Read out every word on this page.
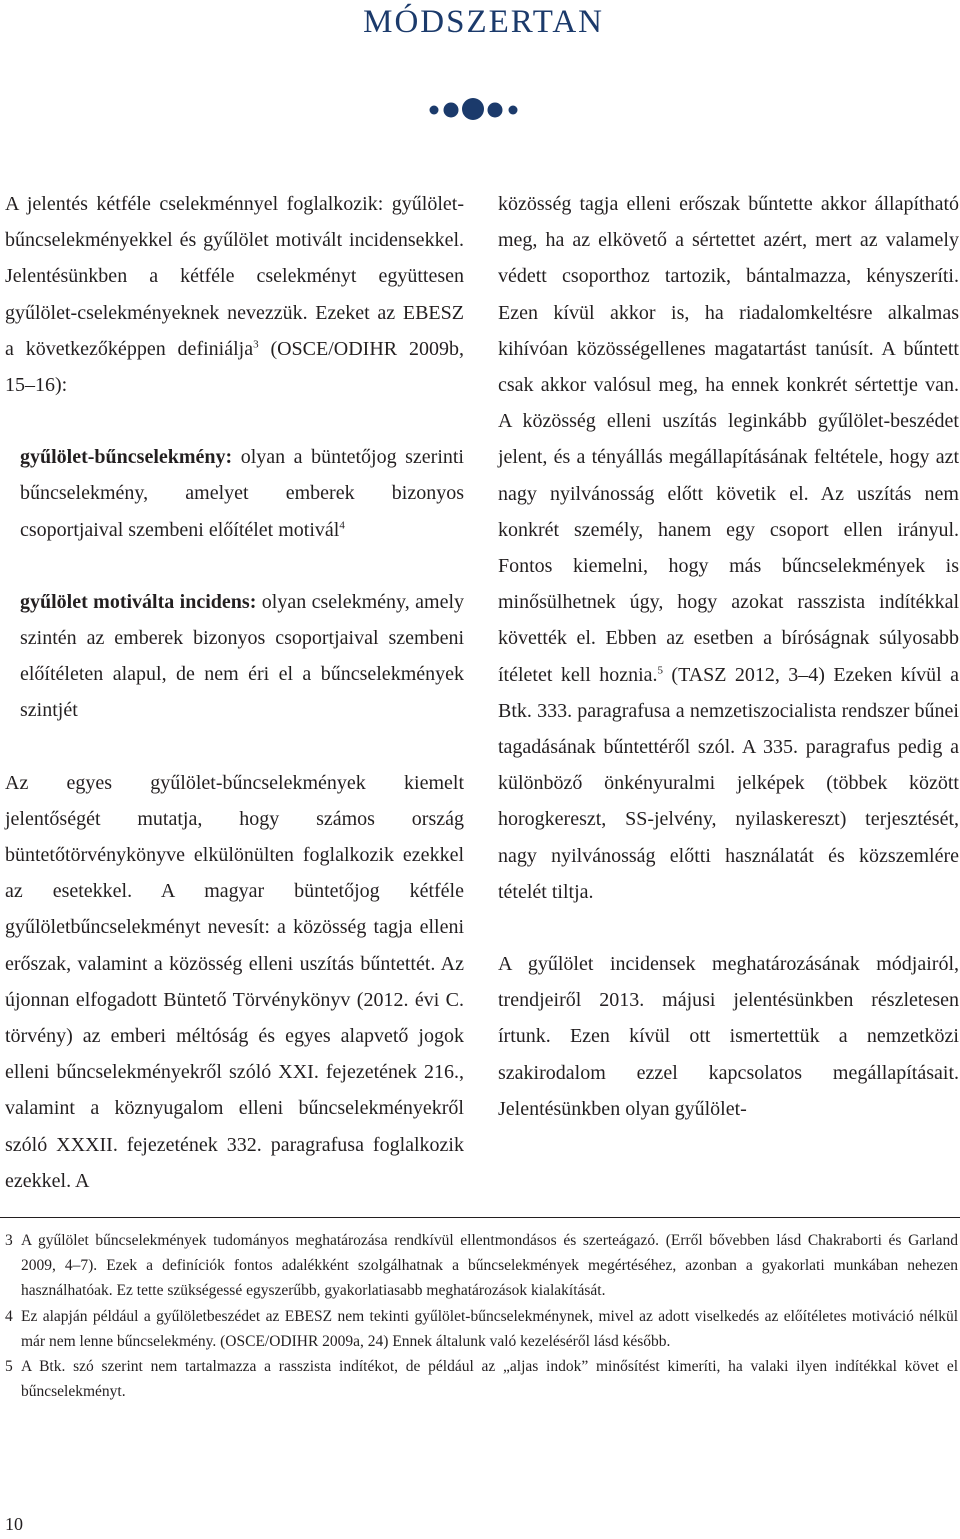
MÓDSZERTAN

A jelentés kétféle cselekménnyel foglalkozik: gyűlölet-bűncselekményekkel és gyűlölet motivált incidensekkel. Jelentésünkben a kétféle cselekményt együttesen gyűlölet-cselekményeknek nevezzük. Ezeket az EBESZ a következőképpen definiálja$^3$ (OSCE/ODIHR 2009b, 15–16):

gyűlölet-bűncselekmény: olyan a büntetőjog szerinti bűncselekmény, amelyet emberek bizonyos csoportjaival szembeni előítélet motivál$^4$

gyűlölet motiválta incidens: olyan cselekmény, amely szintén az emberek bizonyos csoportjaival szembeni előítéleten alapul, de nem éri el a bűncselekmények szintjét

Az egyes gyűlölet-bűncselekmények kiemelt jelentőségét mutatja, hogy számos ország büntetőtörvénykönyve elkülönülten foglalkozik ezekkel az esetekkel. A magyar büntetőjog kétféle gyűlöletbűncselekményt nevesít: a közösség tagja elleni erőszak, valamint a közösség elleni uszítás bűntettét. Az újonnan elfogadott Büntető Törvénykönyv (2012. évi C. törvény) az emberi méltóság és egyes alapvető jogok elleni bűncselekményekről szóló XXI. fejezetének 216., valamint a köznyugalom elleni bűncselekményekről szóló XXXII. fejezetének 332. paragrafusa foglalkozik ezekkel. A

közösség tagja elleni erőszak bűntette akkor állapítható meg, ha az elkövető a sértettet azért, mert az valamely védett csoporthoz tartozik, bántalmazza, kényszeríti. Ezen kívül akkor is, ha riadalomkeltésre alkalmas kihívóan közösségellenes magatartást tanúsít. A bűntett csak akkor valósul meg, ha ennek konkrét sértettje van. A közösség elleni uszítás leginkább gyűlölet-beszédet jelent, és a tényállás megállapításának feltétele, hogy azt nagy nyilvánosság előtt követik el. Az uszítás nem konkrét személy, hanem egy csoport ellen irányul. Fontos kiemelni, hogy más bűncselekmények is minősülhetnek úgy, hogy azokat rasszista indítékkal követték el. Ebben az esetben a bíróságnak súlyosabb ítéletet kell hoznia.$^5$ (TASZ 2012, 3–4) Ezeken kívül a Btk. 333. paragrafusa a nemzetiszocialista rendszer bűnei tagadásának bűntettéről szól. A 335. paragrafus pedig a különböző önkényuralmi jelképek (többek között horogkereszt, SS-jelvény, nyilaskereszt) terjesztését, nagy nyilvánosság előtti használatát és közszemlére tételét tiltja.

A gyűlölet incidensek meghatározásának módjairól, trendjeiről 2013. májusi jelentésünkben részletesen írtunk. Ezen kívül ott ismertettük a nemzetközi szakirodalom ezzel kapcsolatos megállapításait. Jelentésünkben olyan gyűlölet-

3 A gyűlölet bűncselekmények tudományos meghatározása rendkívül ellentmondásos és szerteágazó. (Erről bővebben lásd Chakraborti és Garland 2009, 4–7). Ezek a definíciók fontos adalékként szolgálhatnak a bűncselekmények megértéséhez, azonban a gyakorlati munkában nehezen használhatóak. Ez tette szükségessé egyszerűbb, gyakorlatiasabb meghatározások kialakítását.
4 Ez alapján például a gyűlöletbeszédet az EBESZ nem tekinti gyűlölet-bűncselekménynek, mivel az adott viselkedés az előítéletes motiváció nélkül már nem lenne bűncselekmény. (OSCE/ODIHR 2009a, 24) Ennek általunk való kezeléséről lásd később.
5 A Btk. szó szerint nem tartalmazza a rasszista indítékot, de például az „aljas indok” minősítést kimeríti, ha valaki ilyen indítékkal követ el bűncselekményt.
10
